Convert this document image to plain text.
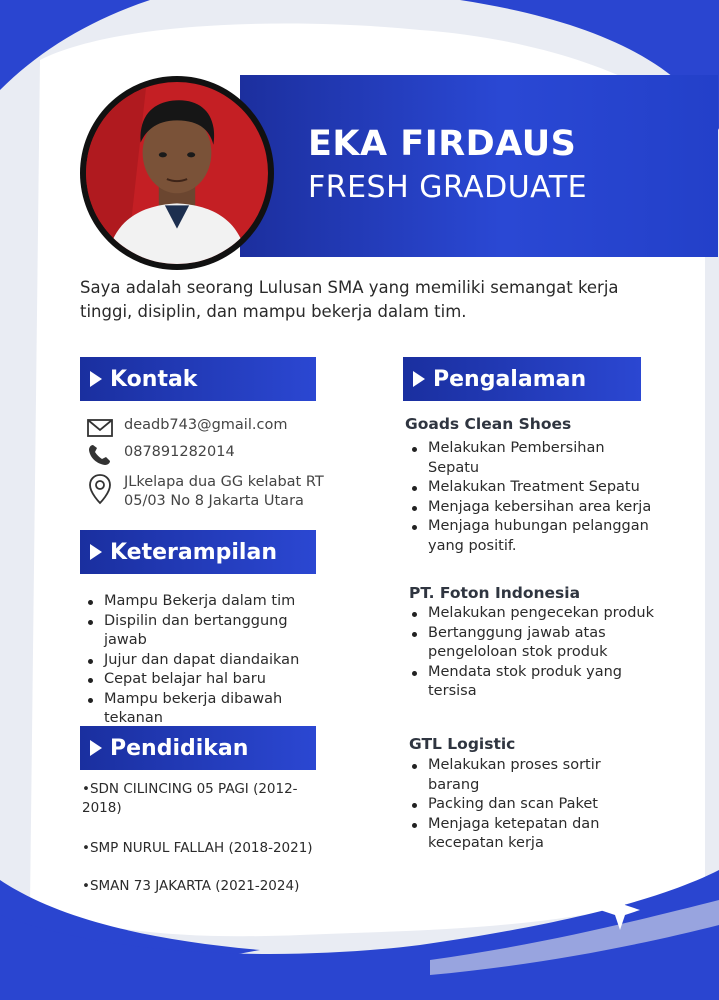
EKA FIRDAUS
FRESH GRADUATE
Saya adalah seorang Lulusan SMA yang memiliki semangat kerja tinggi, disiplin, dan mampu bekerja dalam tim.
Kontak
deadb743@gmail.com
087891282014
JLkelapa dua GG kelabat RT
05/03 No 8 Jakarta Utara
Keterampilan
Mampu Bekerja dalam tim
Dispilin dan bertanggung jawab
Jujur dan dapat diandaikan
Cepat belajar hal baru
Mampu bekerja dibawah tekanan
Pendidikan
•SDN CILINCING 05 PAGI (2012-2018)
•SMP NURUL FALLAH (2018-2021)
•SMAN 73 JAKARTA (2021-2024)
Pengalaman
Goads Clean Shoes
Melakukan Pembersihan Sepatu
Melakukan Treatment Sepatu
Menjaga kebersihan area kerja
Menjaga hubungan pelanggan yang positif.
PT. Foton Indonesia
Melakukan pengecekan produk
Bertanggung jawab atas pengeloloan stok produk
Mendata stok produk yang tersisa
GTL Logistic
Melakukan proses sortir barang
Packing dan scan Paket
Menjaga ketepatan dan kecepatan kerja
